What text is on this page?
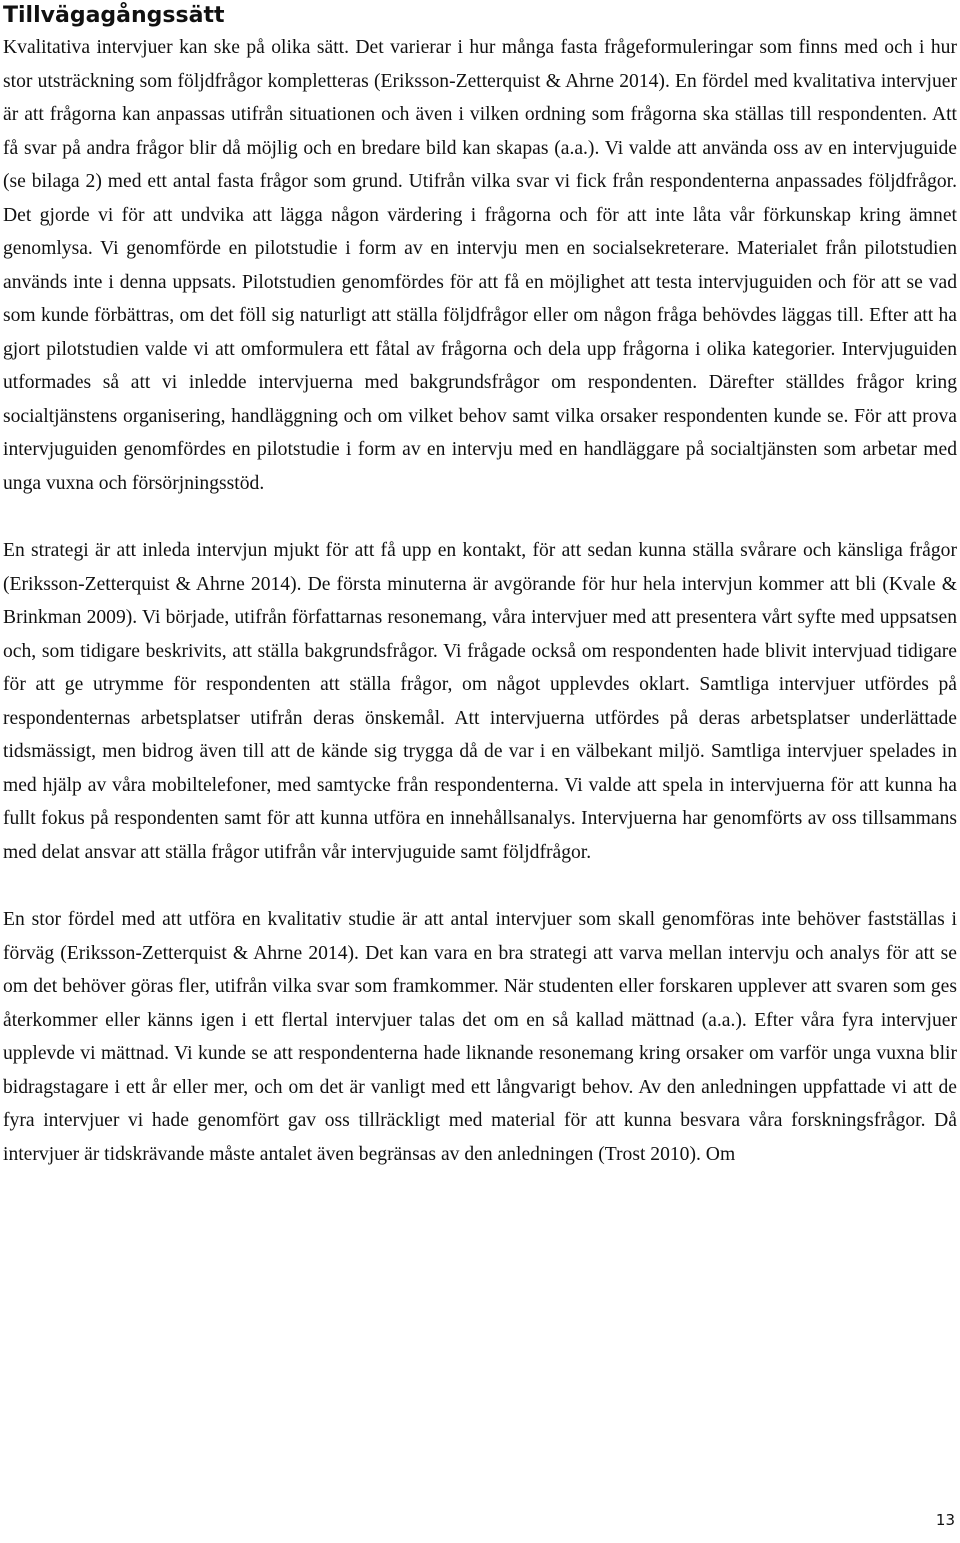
Tillvägagångssätt

Kvalitativa intervjuer kan ske på olika sätt. Det varierar i hur många fasta frågeformuleringar som finns med och i hur stor utsträckning som följdfrågor kompletteras (Eriksson-Zetterquist & Ahrne 2014). En fördel med kvalitativa intervjuer är att frågorna kan anpassas utifrån situationen och även i vilken ordning som frågorna ska ställas till respondenten. Att få svar på andra frågor blir då möjlig och en bredare bild kan skapas (a.a.). Vi valde att använda oss av en intervjuguide (se bilaga 2) med ett antal fasta frågor som grund. Utifrån vilka svar vi fick från respondenterna anpassades följdfrågor. Det gjorde vi för att undvika att lägga någon värdering i frågorna och för att inte låta vår förkunskap kring ämnet genomlysa. Vi genomförde en pilotstudie i form av en intervju men en socialsekreterare. Materialet från pilotstudien används inte i denna uppsats. Pilotstudien genomfördes för att få en möjlighet att testa intervjuguiden och för att se vad som kunde förbättras, om det föll sig naturligt att ställa följdfrågor eller om någon fråga behövdes läggas till. Efter att ha gjort pilotstudien valde vi att omformulera ett fåtal av frågorna och dela upp frågorna i olika kategorier. Intervjuguiden utformades så att vi inledde intervjuerna med bakgrundsfrågor om respondenten. Därefter ställdes frågor kring socialtjänstens organisering, handläggning och om vilket behov samt vilka orsaker respondenten kunde se. För att prova intervjuguiden genomfördes en pilotstudie i form av en intervju med en handläggare på socialtjänsten som arbetar med unga vuxna och försörjningsstöd.

En strategi är att inleda intervjun mjukt för att få upp en kontakt, för att sedan kunna ställa svårare och känsliga frågor (Eriksson-Zetterquist & Ahrne 2014). De första minuterna är avgörande för hur hela intervjun kommer att bli (Kvale & Brinkman 2009). Vi började, utifrån författarnas resonemang, våra intervjuer med att presentera vårt syfte med uppsatsen och, som tidigare beskrivits, att ställa bakgrundsfrågor. Vi frågade också om respondenten hade blivit intervjuad tidigare för att ge utrymme för respondenten att ställa frågor, om något upplevdes oklart. Samtliga intervjuer utfördes på respondenternas arbetsplatser utifrån deras önskemål. Att intervjuerna utfördes på deras arbetsplatser underlättade tidsmässigt, men bidrog även till att de kände sig trygga då de var i en välbekant miljö. Samtliga intervjuer spelades in med hjälp av våra mobiltelefoner, med samtycke från respondenterna. Vi valde att spela in intervjuerna för att kunna ha fullt fokus på respondenten samt för att kunna utföra en innehållsanalys. Intervjuerna har genomförts av oss tillsammans med delat ansvar att ställa frågor utifrån vår intervjuguide samt följdfrågor.

En stor fördel med att utföra en kvalitativ studie är att antal intervjuer som skall genomföras inte behöver fastställas i förväg (Eriksson-Zetterquist & Ahrne 2014). Det kan vara en bra strategi att varva mellan intervju och analys för att se om det behöver göras fler, utifrån vilka svar som framkommer. När studenten eller forskaren upplever att svaren som ges återkommer eller känns igen i ett flertal intervjuer talas det om en så kallad mättnad (a.a.). Efter våra fyra intervjuer upplevde vi mättnad. Vi kunde se att respondenterna hade liknande resonemang kring orsaker om varför unga vuxna blir bidragstagare i ett år eller mer, och om det är vanligt med ett långvarigt behov. Av den anledningen uppfattade vi att de fyra intervjuer vi hade genomfört gav oss tillräckligt med material för att kunna besvara våra forskningsfrågor. Då intervjuer är tidskrävande måste antalet även begränsas av den anledningen (Trost 2010). Om

13
